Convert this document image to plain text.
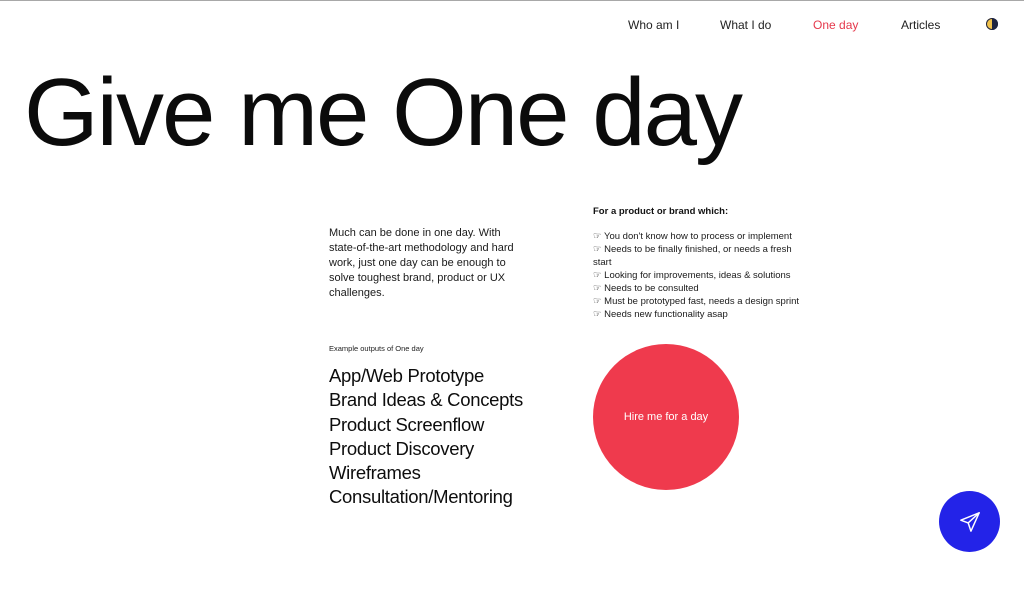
Who am I	What I do	One day	Articles
Give me One day

Much can be done in one day. With state-of-the-art methodology and hard work, just one day can be enough to solve toughest brand, product or UX challenges.

For a product or brand which:

☞ You don't know how to process or implement
☞ Needs to be finally finished, or needs a fresh start
☞ Looking for improvements, ideas & solutions
☞ Needs to be consulted
☞ Must be prototyped fast, needs a design sprint
☞ Needs new functionality asap

Example outputs of One day

App/Web Prototype
Brand Ideas & Concepts
Product Screenflow
Product Discovery
Wireframes
Consultation/Mentoring
Hire me for a day
